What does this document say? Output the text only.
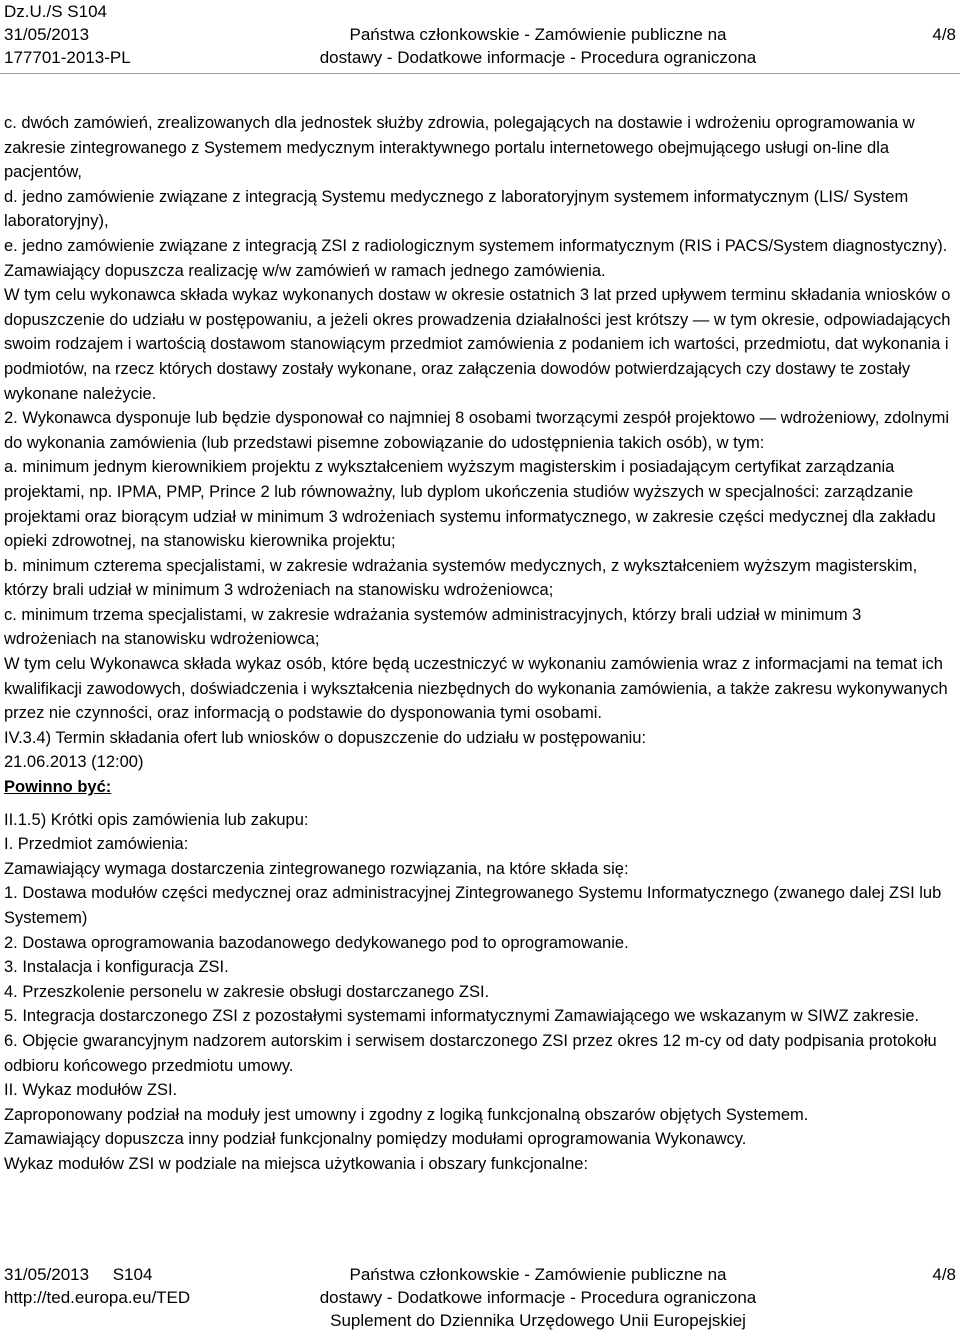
Dz.U./S S104
31/05/2013
177701-2013-PL
Państwa członkowskie - Zamówienie publiczne na
dostawy - Dodatkowe informacje - Procedura ograniczona
4/8

c. dwóch zamówień, zrealizowanych dla jednostek służby zdrowia, polegających na dostawie i wdrożeniu oprogramowania w zakresie zintegrowanego z Systemem medycznym interaktywnego portalu internetowego obejmującego usługi on-line dla pacjentów,

d. jedno zamówienie związane z integracją Systemu medycznego z laboratoryjnym systemem informatycznym (LIS/ System laboratoryjny),

e. jedno zamówienie związane z integracją ZSI z radiologicznym systemem informatycznym (RIS i PACS/System diagnostyczny).

Zamawiający dopuszcza realizację w/w zamówień w ramach jednego zamówienia.

W tym celu wykonawca składa wykaz wykonanych dostaw w okresie ostatnich 3 lat przed upływem terminu składania wniosków o dopuszczenie do udziału w postępowaniu, a jeżeli okres prowadzenia działalności jest krótszy — w tym okresie, odpowiadających swoim rodzajem i wartością dostawom stanowiącym przedmiot zamówienia z podaniem ich wartości, przedmiotu, dat wykonania i podmiotów, na rzecz których dostawy zostały wykonane, oraz załączenia dowodów potwierdzających czy dostawy te zostały wykonane należycie.

2. Wykonawca dysponuje lub będzie dysponował co najmniej 8 osobami tworzącymi zespół projektowo — wdrożeniowy, zdolnymi do wykonania zamówienia (lub przedstawi pisemne zobowiązanie do udostępnienia takich osób), w tym:

a. minimum jednym kierownikiem projektu z wykształceniem wyższym magisterskim i posiadającym certyfikat zarządzania projektami, np. IPMA, PMP, Prince 2 lub równoważny, lub dyplom ukończenia studiów wyższych w specjalności: zarządzanie projektami oraz biorącym udział w minimum 3 wdrożeniach systemu informatycznego, w zakresie części medycznej dla zakładu opieki zdrowotnej, na stanowisku kierownika projektu;

b. minimum czterema specjalistami, w zakresie wdrażania systemów medycznych, z wykształceniem wyższym magisterskim, którzy brali udział w minimum 3 wdrożeniach na stanowisku wdrożeniowca;

c. minimum trzema specjalistami, w zakresie wdrażania systemów administracyjnych, którzy brali udział w minimum 3 wdrożeniach na stanowisku wdrożeniowca;

W tym celu Wykonawca składa wykaz osób, które będą uczestniczyć w wykonaniu zamówienia wraz z informacjami na temat ich kwalifikacji zawodowych, doświadczenia i wykształcenia niezbędnych do wykonania zamówienia, a także zakresu wykonywanych przez nie czynności, oraz informacją o podstawie do dysponowania tymi osobami.

IV.3.4) Termin składania ofert lub wniosków o dopuszczenie do udziału w postępowaniu:

21.06.2013 (12:00)

Powinno być:

II.1.5) Krótki opis zamówienia lub zakupu:

I. Przedmiot zamówienia:

Zamawiający wymaga dostarczenia zintegrowanego rozwiązania, na które składa się:

1. Dostawa modułów części medycznej oraz administracyjnej Zintegrowanego Systemu Informatycznego (zwanego dalej ZSI lub Systemem)

2. Dostawa oprogramowania bazodanowego dedykowanego pod to oprogramowanie.

3. Instalacja i konfiguracja ZSI.

4. Przeszkolenie personelu w zakresie obsługi dostarczanego ZSI.

5. Integracja dostarczonego ZSI z pozostałymi systemami informatycznymi Zamawiającego we wskazanym w SIWZ zakresie.

6. Objęcie gwarancyjnym nadzorem autorskim i serwisem dostarczonego ZSI przez okres 12 m-cy od daty podpisania protokołu odbioru końcowego przedmiotu umowy.

II. Wykaz modułów ZSI.

Zaproponowany podział na moduły jest umowny i zgodny z logiką funkcjonalną obszarów objętych Systemem.

Zamawiający dopuszcza inny podział funkcjonalny pomiędzy modułami oprogramowania Wykonawcy.

Wykaz modułów ZSI w podziale na miejsca użytkowania i obszary funkcjonalne:

31/05/2013     S104
http://ted.europa.eu/TED
Państwa członkowskie - Zamówienie publiczne na
dostawy - Dodatkowe informacje - Procedura ograniczona
Suplement do Dziennika Urzędowego Unii Europejskiej
4/8
